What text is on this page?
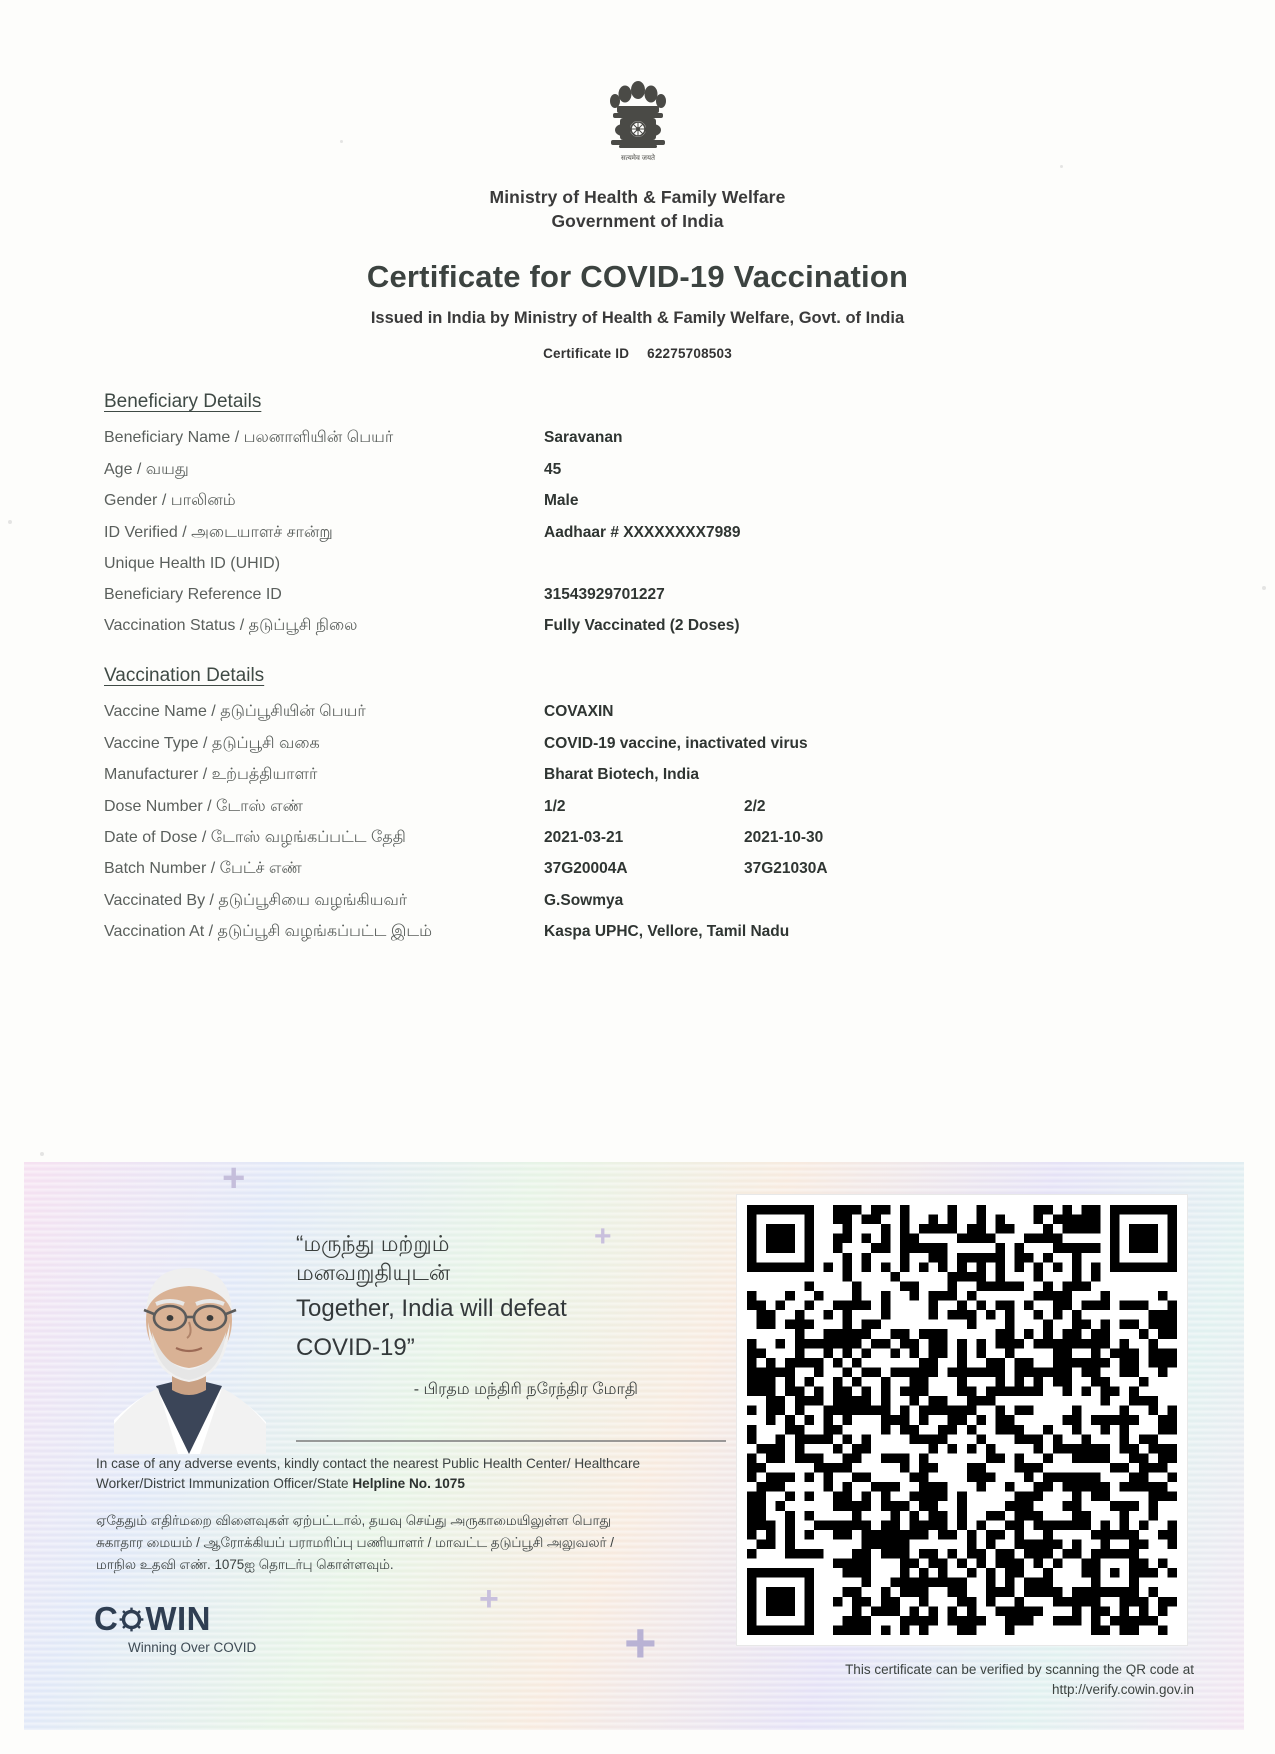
सत्यमेव जयते
Ministry of Health & Family Welfare
Government of India
Certificate for COVID-19 Vaccination
Issued in India by Ministry of Health & Family Welfare, Govt. of India
Certificate ID 62275708503
Beneficiary Details
Beneficiary Name / பலனாளியின் பெயர்	Saravanan
Age / வயது	45
Gender / பாலினம்	Male
ID Verified / அடையாளச் சான்று	Aadhaar # XXXXXXXX7989
Unique Health ID (UHID)
Beneficiary Reference ID	31543929701227
Vaccination Status / தடுப்பூசி நிலை	Fully Vaccinated (2 Doses)
Vaccination Details
Vaccine Name / தடுப்பூசியின் பெயர்	COVAXIN
Vaccine Type / தடுப்பூசி வகை	COVID-19 vaccine, inactivated virus
Manufacturer / உற்பத்தியாளர்	Bharat Biotech, India
Dose Number / டோஸ் எண்	1/2	2/2
Date of Dose / டோஸ் வழங்கப்பட்ட தேதி	2021-03-21	2021-10-30
Batch Number / பேட்ச் எண்	37G20004A	37G21030A
Vaccinated By / தடுப்பூசியை வழங்கியவர்	G.Sowmya
Vaccination At / தடுப்பூசி வழங்கப்பட்ட இடம்	Kaspa UPHC, Vellore, Tamil Nadu
+
+
+
+
“மருந்து மற்றும்
மனவறுதியுடன்
Together, India will defeat
COVID-19”
- பிரதம மந்திரி நரேந்திர மோதி
In case of any adverse events, kindly contact the nearest Public Health Center/ Healthcare Worker/District Immunization Officer/State Helpline No. 1075
ஏதேதும் எதிர்மறை விளைவுகள் ஏற்பட்டால், தயவு செய்து அருகாமையிலுள்ள பொது
சுகாதார மையம் / ஆரோக்கியப் பராமரிப்பு பணியாளர் / மாவட்ட தடுப்பூசி அலுவலர் /
மாநில உதவி எண். 1075ஐ தொடர்பு கொள்ளவும்.
C WIN
Winning Over COVID
This certificate can be verified by scanning the QR code at
http://verify.cowin.gov.in
